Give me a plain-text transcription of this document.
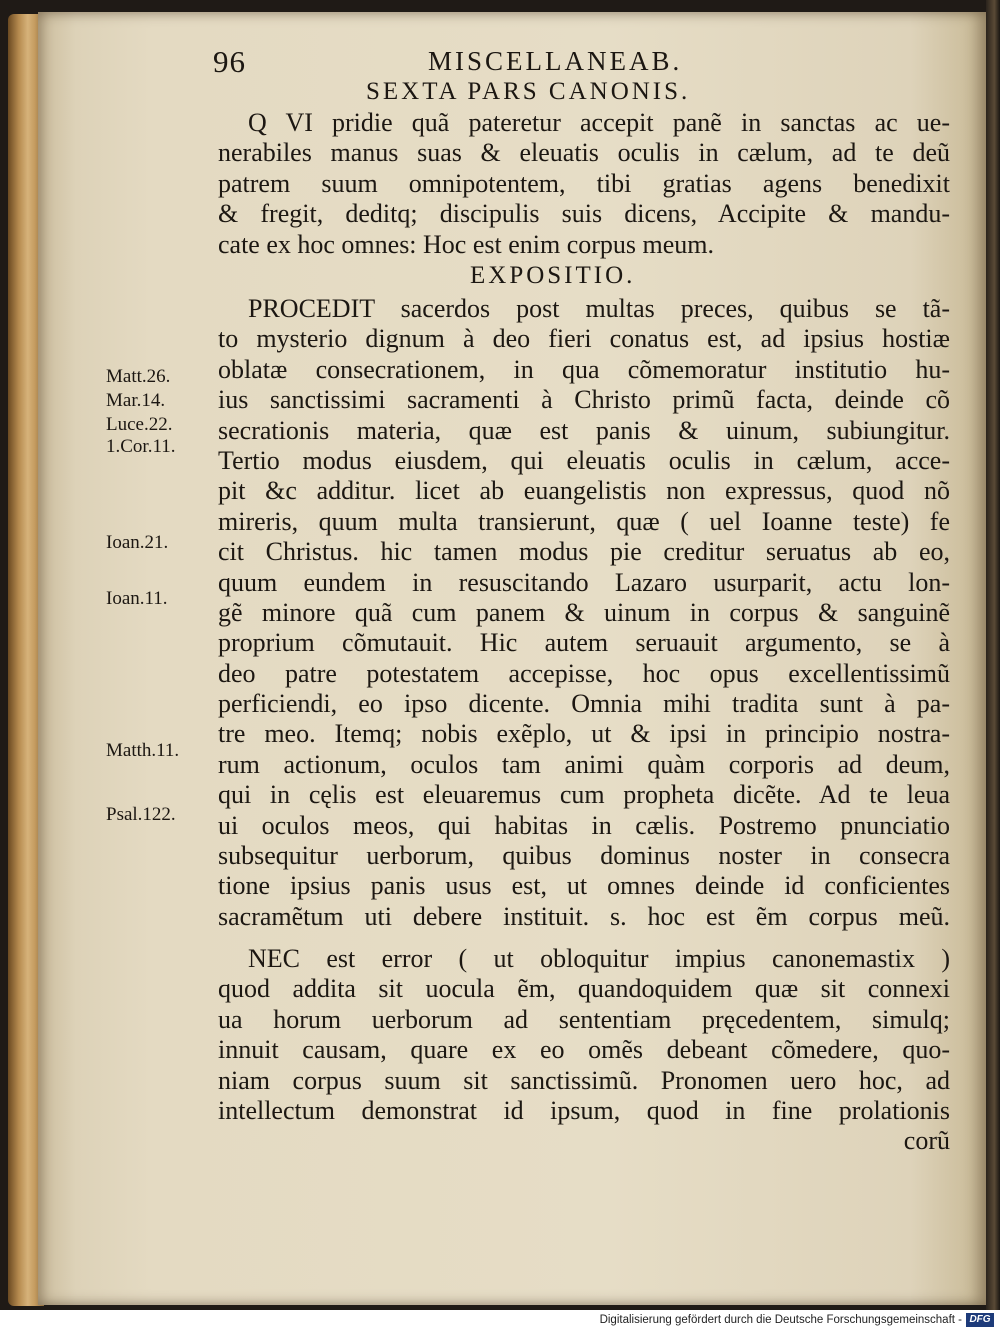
96	MISCELLANEAB.
SEXTA PARS CANONIS.
Q VI pridie quã pateretur accepit panẽ in sanctas ac ue-
nerabiles manus suas & eleuatis oculis in cælum, ad te deũ
patrem suum omnipotentem, tibi gratias agens benedixit
& fregit, deditq; discipulis suis dicens, Accipite & mandu-
cate ex hoc omnes: Hoc est enim corpus meum.
EXPOSITIO.
PROCEDIT sacerdos post multas preces, quibus se tã-
to mysterio dignum à deo fieri conatus est, ad ipsius hostiæ
oblatæ consecrationem, in qua cõmemoratur institutio hu-
ius sanctissimi sacramenti à Christo primũ facta, deinde cõ
secrationis materia, quæ est panis & uinum, subiungitur.
Tertio modus eiusdem, qui eleuatis oculis in cælum, acce-
pit &c additur. licet ab euangelistis non expressus, quod nõ
mireris, quum multa transierunt, quæ ( uel Ioanne teste) fe
cit Christus. hic tamen modus pie creditur seruatus ab eo,
quum eundem in resuscitando Lazaro usurparit, actu lon-
gẽ minore quã cum panem & uinum in corpus & sanguinẽ
proprium cõmutauit. Hic autem seruauit argumento, se à
deo patre potestatem accepisse, hoc opus excellentissimũ
perficiendi, eo ipso dicente. Omnia mihi tradita sunt à pa-
tre meo. Itemq; nobis exẽplo, ut & ipsi in principio nostra-
rum actionum, oculos tam animi quàm corporis ad deum,
qui in cęlis est eleuaremus cum propheta dicẽte. Ad te leua
ui oculos meos, qui habitas in cælis. Postremo pnunciatio
subsequitur uerborum, quibus dominus noster in consecra
tione ipsius panis usus est, ut omnes deinde id conficientes
sacramẽtum uti debere instituit. s. hoc est ẽm corpus meũ.
NEC est error ( ut obloquitur impius canonemastix )
quod addita sit uocula ẽm, quandoquidem quæ sit connexi
ua horum uerborum ad sententiam pręcedentem, simulq;
innuit causam, quare ex eo omẽs debeant cõmedere, quo-
niam corpus suum sit sanctissimũ. Pronomen uero hoc, ad
intellectum demonstrat id ipsum, quod in fine prolationis
corũ
Matt.26.
Mar.14.
Luce.22.
1.Cor.11.
Ioan.21.
Ioan.11.
Matth.11.
Psal.122.
Digitalisierung gefördert durch die Deutsche Forschungsgemeinschaft - DFG
